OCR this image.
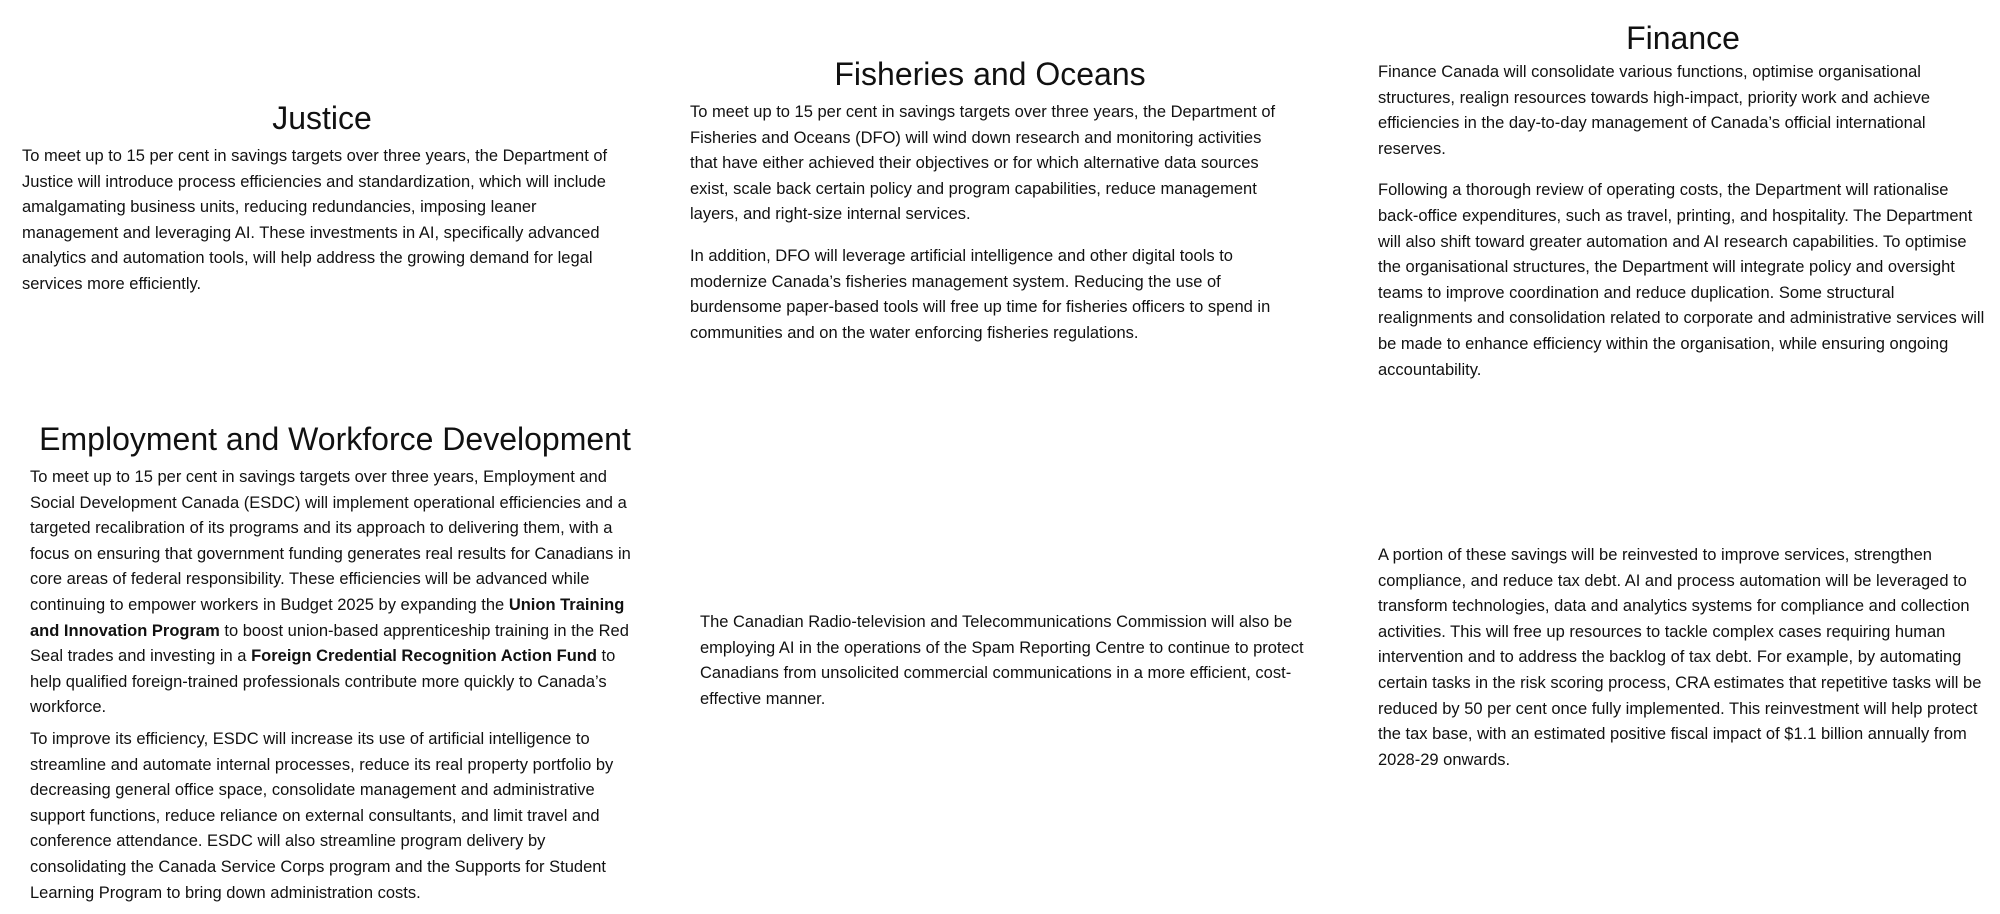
Justice

To meet up to 15 per cent in savings targets over three years, the Department of Justice will introduce process efficiencies and standardization, which will include amalgamating business units, reducing redundancies, imposing leaner management and leveraging AI. These investments in AI, specifically advanced analytics and automation tools, will help address the growing demand for legal services more efficiently.

Fisheries and Oceans

To meet up to 15 per cent in savings targets over three years, the Department of Fisheries and Oceans (DFO) will wind down research and monitoring activities that have either achieved their objectives or for which alternative data sources exist, scale back certain policy and program capabilities, reduce management layers, and right-size internal services.

In addition, DFO will leverage artificial intelligence and other digital tools to modernize Canada’s fisheries management system. Reducing the use of burdensome paper-based tools will free up time for fisheries officers to spend in communities and on the water enforcing fisheries regulations.

Finance

Finance Canada will consolidate various functions, optimise organisational structures, realign resources towards high-impact, priority work and achieve efficiencies in the day-to-day management of Canada’s official international reserves.

Following a thorough review of operating costs, the Department will rationalise back-office expenditures, such as travel, printing, and hospitality. The Department will also shift toward greater automation and AI research capabilities. To optimise the organisational structures, the Department will integrate policy and oversight teams to improve coordination and reduce duplication. Some structural realignments and consolidation related to corporate and administrative services will be made to enhance efficiency within the organisation, while ensuring ongoing accountability.

Employment and Workforce Development

To meet up to 15 per cent in savings targets over three years, Employment and Social Development Canada (ESDC) will implement operational efficiencies and a targeted recalibration of its programs and its approach to delivering them, with a focus on ensuring that government funding generates real results for Canadians in core areas of federal responsibility. These efficiencies will be advanced while continuing to empower workers in Budget 2025 by expanding the Union Training and Innovation Program to boost union-based apprenticeship training in the Red Seal trades and investing in a Foreign Credential Recognition Action Fund to help qualified foreign-trained professionals contribute more quickly to Canada’s workforce.

To improve its efficiency, ESDC will increase its use of artificial intelligence to streamline and automate internal processes, reduce its real property portfolio by decreasing general office space, consolidate management and administrative support functions, reduce reliance on external consultants, and limit travel and conference attendance. ESDC will also streamline program delivery by consolidating the Canada Service Corps program and the Supports for Student Learning Program to bring down administration costs.

The Canadian Radio-television and Telecommunications Commission will also be employing AI in the operations of the Spam Reporting Centre to continue to protect Canadians from unsolicited commercial communications in a more efficient, cost-effective manner.

A portion of these savings will be reinvested to improve services, strengthen compliance, and reduce tax debt. AI and process automation will be leveraged to transform technologies, data and analytics systems for compliance and collection activities. This will free up resources to tackle complex cases requiring human intervention and to address the backlog of tax debt. For example, by automating certain tasks in the risk scoring process, CRA estimates that repetitive tasks will be reduced by 50 per cent once fully implemented. This reinvestment will help protect the tax base, with an estimated positive fiscal impact of $1.1 billion annually from 2028-29 onwards.
